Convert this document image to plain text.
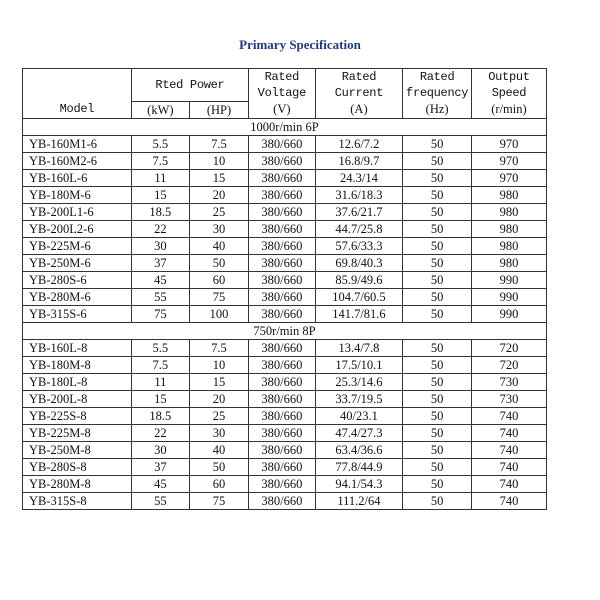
Primary Specification
	Rted Power		Rated	Rated	Rated	Output
			Voltage	Current	frequency	Speed
Model	(kW)	(HP)	(V)	(A)	(Hz)	(r/min)
1000r/min 6P						
YB-160M1-6	5.5	7.5	380/660	12.6/7.2	50	970
YB-160M2-6	7.5	10	380/660	16.8/9.7	50	970
YB-160L-6	11	15	380/660	24.3/14	50	970
YB-180M-6	15	20	380/660	31.6/18.3	50	980
YB-200L1-6	18.5	25	380/660	37.6/21.7	50	980
YB-200L2-6	22	30	380/660	44.7/25.8	50	980
YB-225M-6	30	40	380/660	57.6/33.3	50	980
YB-250M-6	37	50	380/660	69.8/40.3	50	980
YB-280S-6	45	60	380/660	85.9/49.6	50	990
YB-280M-6	55	75	380/660	104.7/60.5	50	990
YB-315S-6	75	100	380/660	141.7/81.6	50	990
750r/min 8P						
YB-160L-8	5.5	7.5	380/660	13.4/7.8	50	720
YB-180M-8	7.5	10	380/660	17.5/10.1	50	720
YB-180L-8	11	15	380/660	25.3/14.6	50	730
YB-200L-8	15	20	380/660	33.7/19.5	50	730
YB-225S-8	18.5	25	380/660	40/23.1	50	740
YB-225M-8	22	30	380/660	47.4/27.3	50	740
YB-250M-8	30	40	380/660	63.4/36.6	50	740
YB-280S-8	37	50	380/660	77.8/44.9	50	740
YB-280M-8	45	60	380/660	94.1/54.3	50	740
YB-315S-8	55	75	380/660	111.2/64	50	740
